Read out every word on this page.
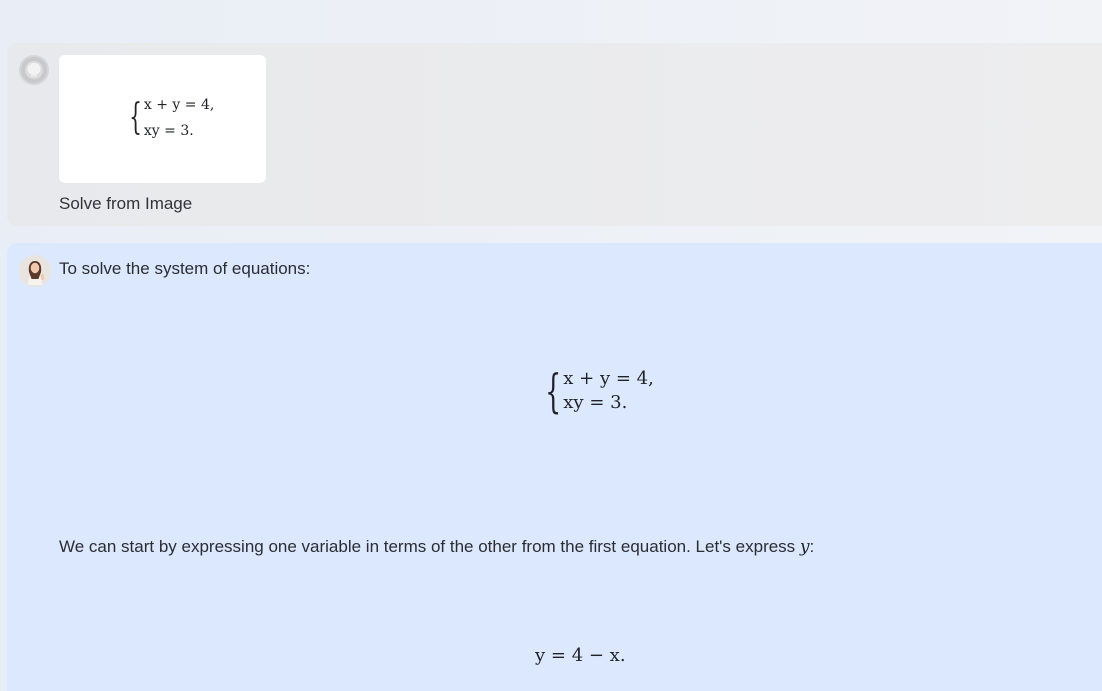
{ x + y = 4,
xy = 3.
Solve from Image
To solve the system of equations:
{ x + y = 4,
xy = 3.
We can start by expressing one variable in terms of the other from the first equation. Let's express y:
y = 4 − x.
